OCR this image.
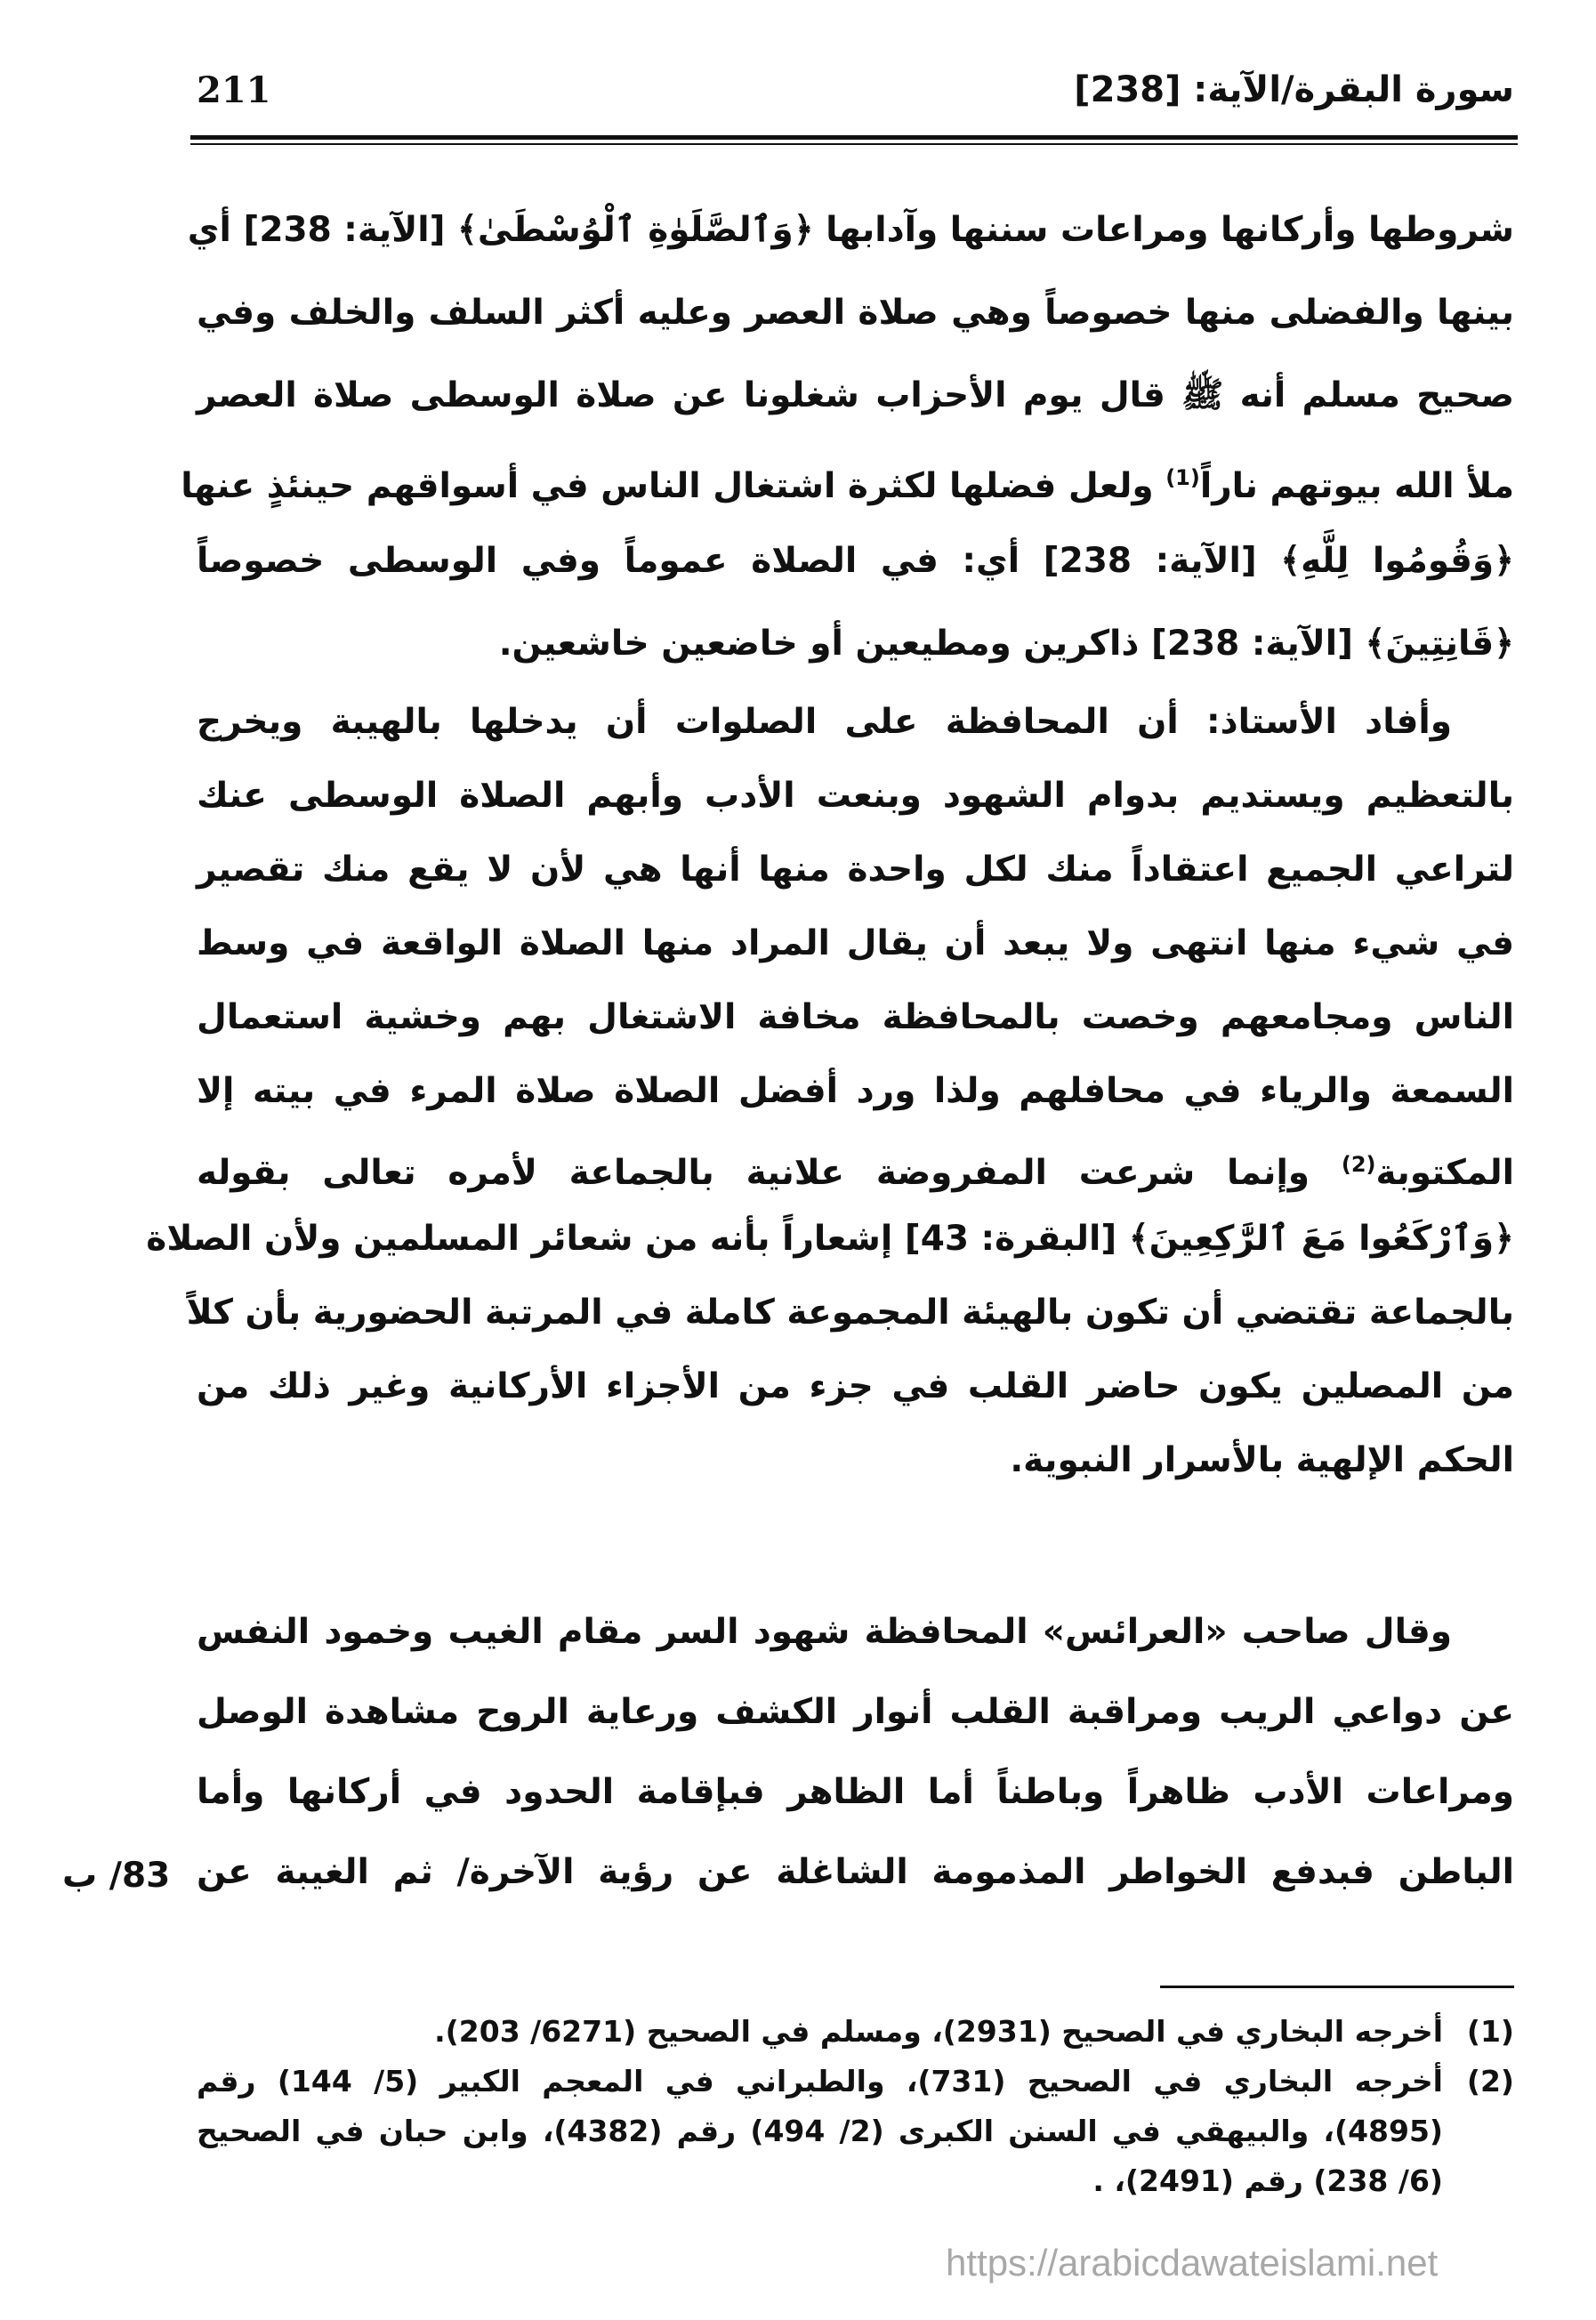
211	سورة البقرة/الآية: [238]
شروطها وأركانها ومراعات سننها وآدابها ﴿وَٱلصَّلَوٰةِ ٱلْوُسْطَىٰ﴾ [الآية: 238] أي
بينها والفضلى منها خصوصاً وهي صلاة العصر وعليه أكثر السلف والخلف وفي
صحيح مسلم أنه ﷺ قال يوم الأحزاب شغلونا عن صلاة الوسطى صلاة العصر
ملأ الله بيوتهم ناراً$^{(1)}$ ولعل فضلها لكثرة اشتغال الناس في أسواقهم حينئذٍ عنها
﴿وَقُومُوا لِلَّهِ﴾ [الآية: 238] أي: في الصلاة عموماً وفي الوسطى خصوصاً
﴿قَانِتِينَ﴾ [الآية: 238] ذاكرين ومطيعين أو خاضعين خاشعين.
وأفاد الأستاذ: أن المحافظة على الصلوات أن يدخلها بالهيبة ويخرج
بالتعظيم ويستديم بدوام الشهود وبنعت الأدب وأبهم الصلاة الوسطى عنك
لتراعي الجميع اعتقاداً منك لكل واحدة منها أنها هي لأن لا يقع منك تقصير
في شيء منها انتهى ولا يبعد أن يقال المراد منها الصلاة الواقعة في وسط
الناس ومجامعهم وخصت بالمحافظة مخافة الاشتغال بهم وخشية استعمال
السمعة والرياء في محافلهم ولذا ورد أفضل الصلاة صلاة المرء في بيته إلا
المكتوبة$^{(2)}$ وإنما شرعت المفروضة علانية بالجماعة لأمره تعالى بقوله
﴿وَٱرْكَعُوا مَعَ ٱلرَّٰكِعِينَ﴾ [البقرة: 43] إشعاراً بأنه من شعائر المسلمين ولأن الصلاة
بالجماعة تقتضي أن تكون بالهيئة المجموعة كاملة في المرتبة الحضورية بأن كلاً
من المصلين يكون حاضر القلب في جزء من الأجزاء الأركانية وغير ذلك من
الحكم الإلهية بالأسرار النبوية.
وقال صاحب «العرائس» المحافظة شهود السر مقام الغيب وخمود النفس
عن دواعي الريب ومراقبة القلب أنوار الكشف ورعاية الروح مشاهدة الوصل
ومراعات الأدب ظاهراً وباطناً أما الظاهر فبإقامة الحدود في أركانها وأما
الباطن فبدفع الخواطر المذمومة الشاغلة عن رؤية الآخرة/ ثم الغيبة عن
83/ ب
(1)
أخرجه البخاري في الصحيح (2931)، ومسلم في الصحيح (6271/ 203).
(2)
أخرجه البخاري في الصحيح (731)، والطبراني في المعجم الكبير (5/ 144) رقم
(4895)، والبيهقي في السنن الكبرى (2/ 494) رقم (4382)، وابن حبان في الصحيح
(6/ 238) رقم (2491)، .
https://arabicdawateislami.net
